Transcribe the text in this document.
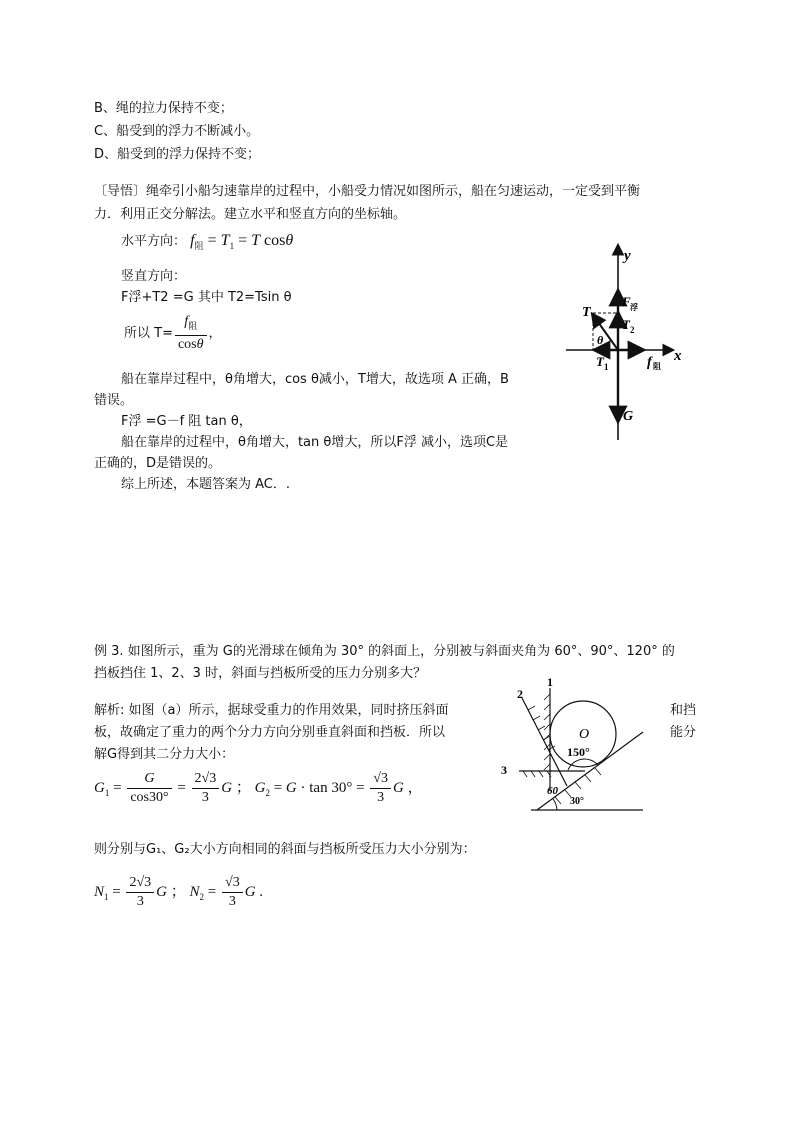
B、绳的拉力保持不变；
C、船受到的浮力不断减小。
D、船受到的浮力保持不变；
〔导悟〕绳牵引小船匀速靠岸的过程中，小船受力情况如图所示，船在匀速运动，一定受到平衡
力．利用正交分解法。建立水平和竖直方向的坐标轴。
水平方向： $f_阻 = T_1 = T$ cosθ
竖直方向：
F浮+T2 =G 其中 T2=Tsin θ
所以 $T= \frac{f_阻}{\cos\theta}$ ，
船在靠岸过程中，θ角增大，cos θ减小，T增大，故选项 A 正确，B
错误。
F浮 =G－f 阻 tan θ，
船在靠岸的过程中，θ角增大，tan θ增大，所以F浮 减小，选项C是
正确的，D是错误的。
综上所述，本题答案为 AC．.
y
x
T
F 浮
T 2
θ
T 1	f 阻
G
例 3. 如图所示，重为 G的光滑球在倾角为 30° 的斜面上，分别被与斜面夹角为 60°、90°、120° 的
挡板挡住 1、2、3 时，斜面与挡板所受的压力分别多大？
解析: 如图（a）所示，据球受重力的作用效果，同时挤压斜面	和挡
板，故确定了重力的两个分力方向分别垂直斜面和挡板．所以	能分
解G得到其二分力大小：
$G_1 = \frac{G}{\cos 30^\circ} = \frac{2√3}{3}$ G ； $G_2 = G \cdot \tan 30^\circ = \frac{√3}{3}$ G ，
则分别与G₁、G₂大小方向相同的斜面与挡板所受压力大小分别为：
$N_1 = \frac{2√3}{3}$ G ； $N_2 = \frac{√3}{3}$ G .
1
2
3
O
150°
60
30°
